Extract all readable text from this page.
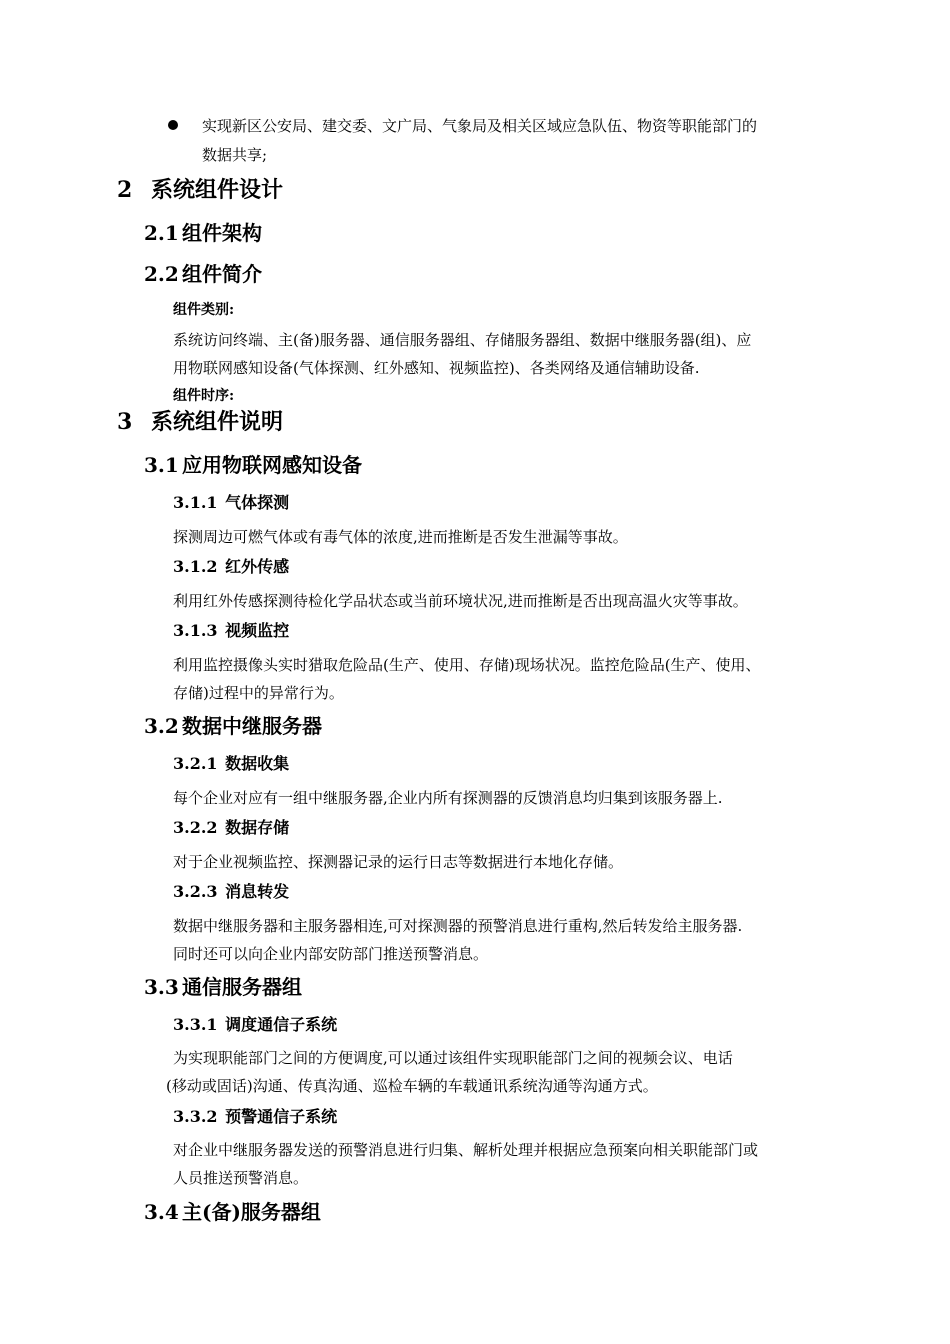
实现新区公安局、建交委、文广局、气象局及相关区域应急队伍、物资等职能部门的
数据共享;
2 系统组件设计
2.1 组件架构
2.2 组件简介
组件类别:
系统访问终端、主(备)服务器、通信服务器组、存储服务器组、数据中继服务器(组)、应
用物联网感知设备(气体探测、红外感知、视频监控)、各类网络及通信辅助设备.
组件时序:
3 系统组件说明
3.1 应用物联网感知设备
3.1.1 气体探测
探测周边可燃气体或有毒气体的浓度,进而推断是否发生泄漏等事故。
3.1.2 红外传感
利用红外传感探测待检化学品状态或当前环境状况,进而推断是否出现高温火灾等事故。
3.1.3 视频监控
利用监控摄像头实时猎取危险品(生产、使用、存储)现场状况。监控危险品(生产、使用、
存储)过程中的异常行为。
3.2 数据中继服务器
3.2.1 数据收集
每个企业对应有一组中继服务器,企业内所有探测器的反馈消息均归集到该服务器上.
3.2.2 数据存储
对于企业视频监控、探测器记录的运行日志等数据进行本地化存储。
3.2.3 消息转发
数据中继服务器和主服务器相连,可对探测器的预警消息进行重构,然后转发给主服务器.
同时还可以向企业内部安防部门推送预警消息。
3.3 通信服务器组
3.3.1 调度通信子系统
为实现职能部门之间的方便调度,可以通过该组件实现职能部门之间的视频会议、电话
(移动或固话)沟通、传真沟通、巡检车辆的车载通讯系统沟通等沟通方式。
3.3.2 预警通信子系统
对企业中继服务器发送的预警消息进行归集、解析处理并根据应急预案向相关职能部门或
人员推送预警消息。
3.4 主(备)服务器组
